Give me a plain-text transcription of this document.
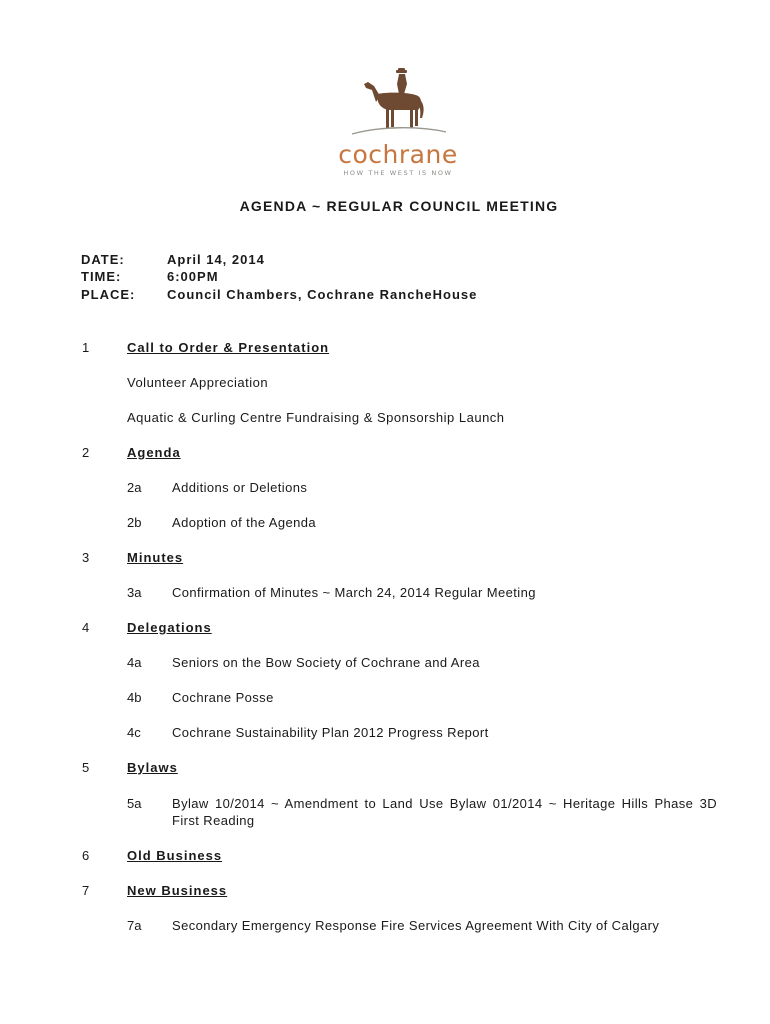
cochrane
HOW THE WEST IS NOW
AGENDA ~ REGULAR COUNCIL MEETING
DATE:	April 14, 2014
TIME:	6:00PM
PLACE: Council Chambers, Cochrane RancheHouse
1	Call to Order & Presentation
Volunteer Appreciation
Aquatic & Curling Centre Fundraising & Sponsorship Launch
2	Agenda
2a Additions or Deletions
2b Adoption of the Agenda
3	Minutes
3a Confirmation of Minutes ~ March 24, 2014 Regular Meeting
4	Delegations
4a Seniors on the Bow Society of Cochrane and Area
4b Cochrane Posse
4c Cochrane Sustainability Plan 2012 Progress Report
5	Bylaws
5a Bylaw 10/2014 ~ Amendment to Land Use Bylaw 01/2014 ~ Heritage Hills Phase 3D First Reading
6	Old Business
7	New Business
7a Secondary Emergency Response Fire Services Agreement With City of Calgary
